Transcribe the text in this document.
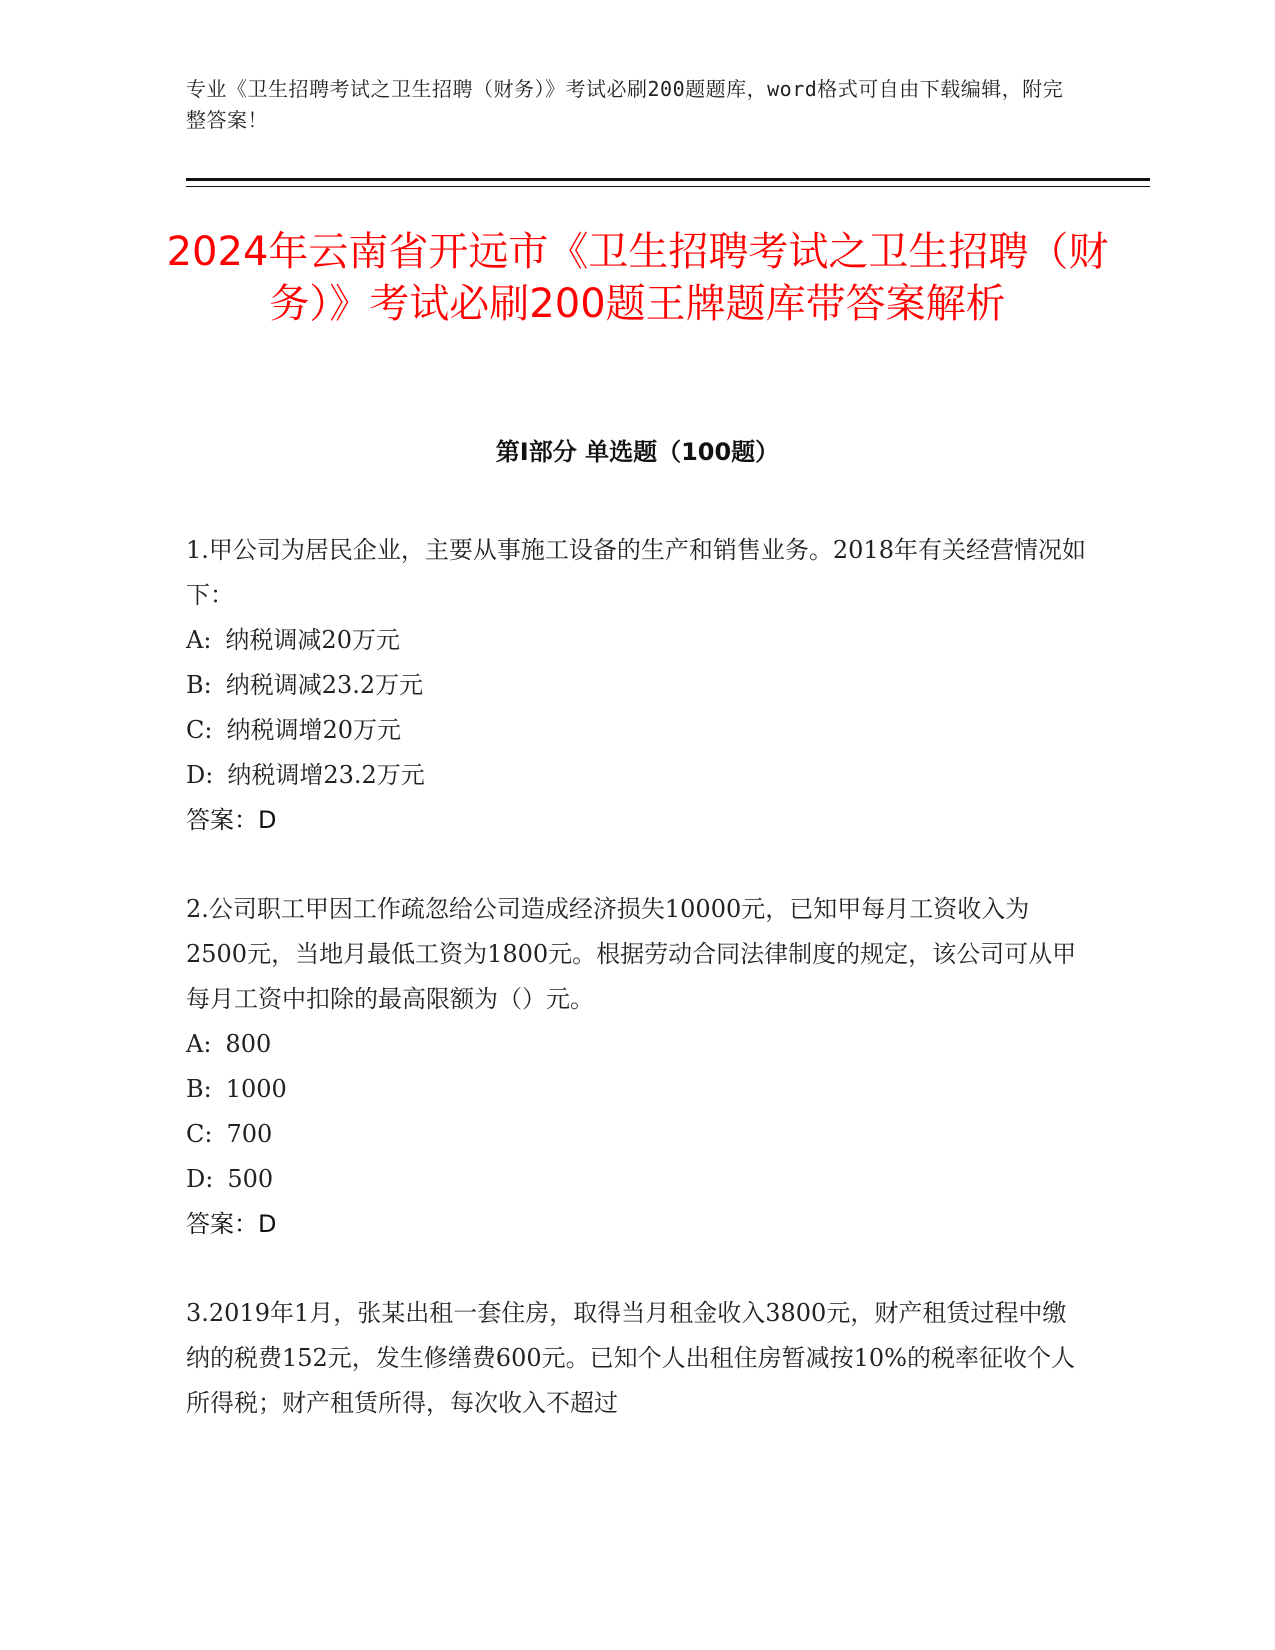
专业《卫生招聘考试之卫生招聘（财务）》考试必刷200题题库，word格式可自由下载编辑，附完整答案！
2024年云南省开远市《卫生招聘考试之卫生招聘（财务）》考试必刷200题王牌题库带答案解析
第I部分 单选题（100题）

1.甲公司为居民企业，主要从事施工设备的生产和销售业务。2018年有关经营情况如下：

A: 纳税调减20万元

B: 纳税调减23.2万元

C: 纳税调增20万元

D: 纳税调增23.2万元

答案：D

2.公司职工甲因工作疏忽给公司造成经济损失10000元，已知甲每月工资收入为2500元，当地月最低工资为1800元。根据劳动合同法律制度的规定，该公司可从甲每月工资中扣除的最高限额为（）元。

A: 800

B: 1000

C: 700

D: 500

答案：D

3.2019年1月，张某出租一套住房，取得当月租金收入3800元，财产租赁过程中缴纳的税费152元，发生修缮费600元。已知个人出租住房暂减按10%的税率征收个人所得税；财产租赁所得，每次收入不超过
